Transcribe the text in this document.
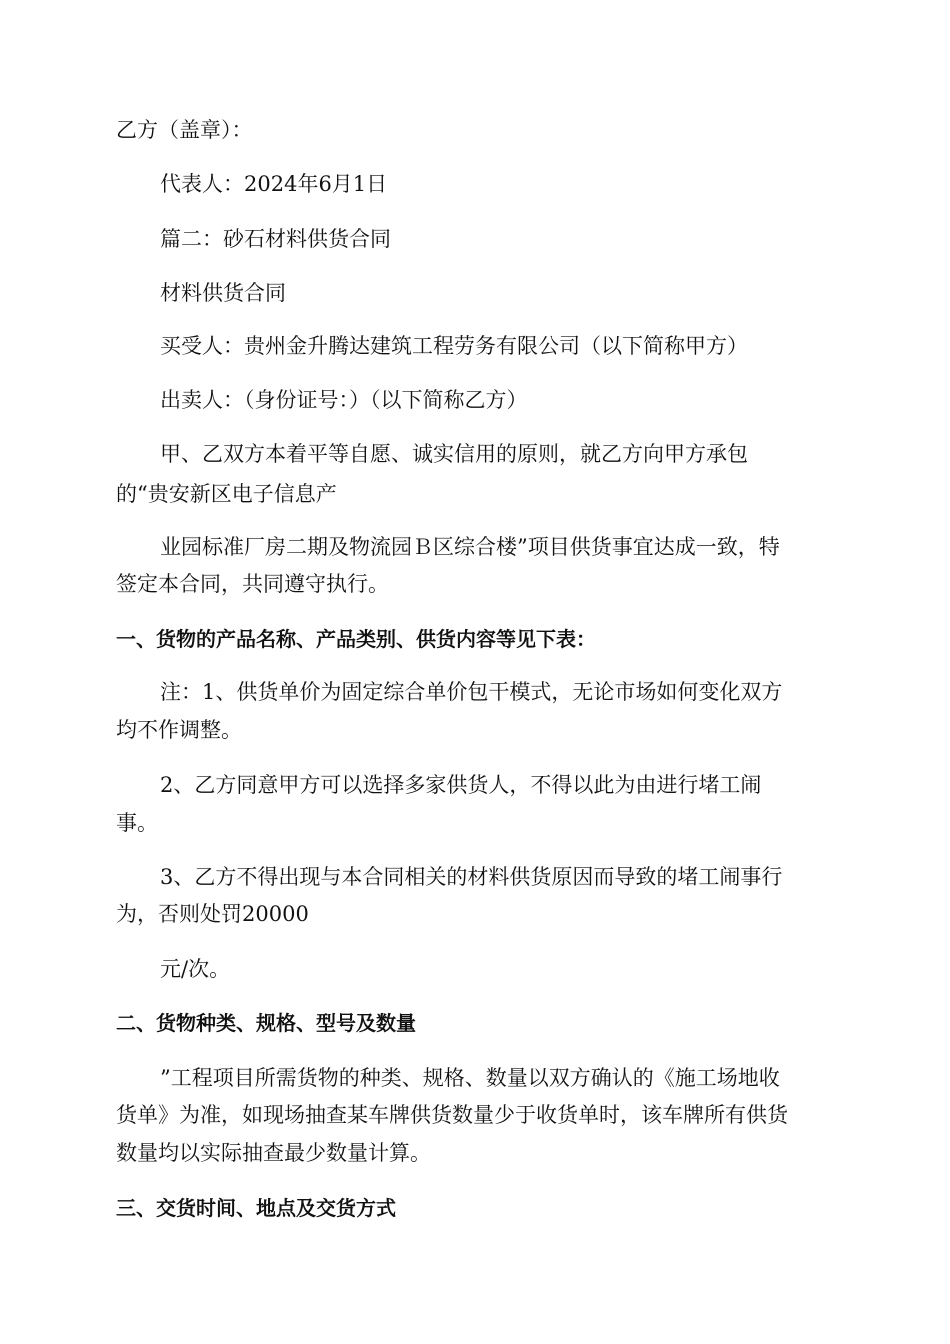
乙方（盖章）：
代表人：2024年6月1日
篇二：砂石材料供货合同
材料供货合同
买受人：贵州金升腾达建筑工程劳务有限公司（以下简称甲方）
出卖人：（身份证号：）（以下简称乙方）
甲、乙双方本着平等自愿、诚实信用的原则，就乙方向甲方承包
的“贵安新区电子信息产
业园标准厂房二期及物流园Ｂ区综合楼”项目供货事宜达成一致，特
签定本合同，共同遵守执行。
一、货物的产品名称、产品类别、供货内容等见下表：
注：1、供货单价为固定综合单价包干模式，无论市场如何变化双方
均不作调整。
2、乙方同意甲方可以选择多家供货人，不得以此为由进行堵工闹
事。
3、乙方不得出现与本合同相关的材料供货原因而导致的堵工闹事行
为，否则处罚20000
元/次。
二、货物种类、规格、型号及数量
”工程项目所需货物的种类、规格、数量以双方确认的《施工场地收
货单》为准，如现场抽查某车牌供货数量少于收货单时，该车牌所有供货
数量均以实际抽查最少数量计算。
三、交货时间、地点及交货方式
